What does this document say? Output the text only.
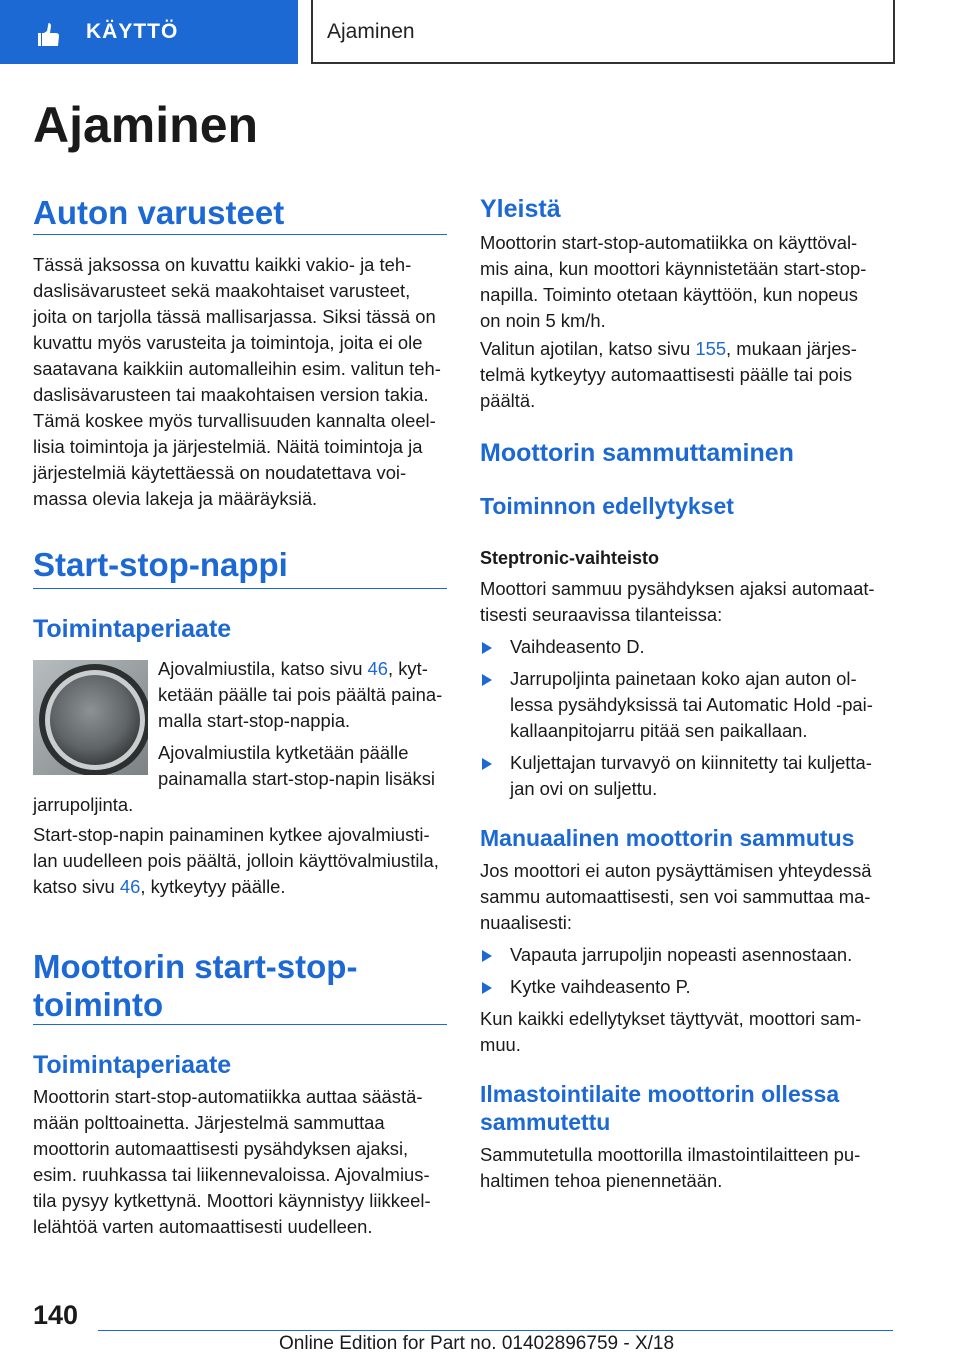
KÄYTTÖ	Ajaminen
Ajaminen
Auton varusteet
Tässä jaksossa on kuvattu kaikki vakio- ja teh‐
daslisävarusteet sekä maakohtaiset varusteet,
joita on tarjolla tässä mallisarjassa. Siksi tässä on
kuvattu myös varusteita ja toimintoja, joita ei ole
saatavana kaikkiin automalleihin esim. valitun teh‐
daslisävarusteen tai maakohtaisen version takia.
Tämä koskee myös turvallisuuden kannalta oleel‐
lisia toimintoja ja järjestelmiä. Näitä toimintoja ja
järjestelmiä käytettäessä on noudatettava voi‐
massa olevia lakeja ja määräyksiä.
Start-stop-nappi
Toimintaperiaate
Ajovalmiustila, katso sivu 46, kyt‐
ketään päälle tai pois päältä paina‐
malla start-stop-nappia.
Ajovalmiustila kytketään päälle
painamalla start-stop-napin lisäksi
jarrupoljinta.
Start-stop-napin painaminen kytkee ajovalmiusti‐
lan uudelleen pois päältä, jolloin käyttövalmiustila,
katso sivu 46, kytkeytyy päälle.
Moottorin start-stop-
toiminto
Toimintaperiaate
Moottorin start-stop-automatiikka auttaa säästä‐
mään polttoainetta. Järjestelmä sammuttaa
moottorin automaattisesti pysähdyksen ajaksi,
esim. ruuhkassa tai liikennevaloissa. Ajovalmius‐
tila pysyy kytkettynä. Moottori käynnistyy liikkeel‐
lelähtöä varten automaattisesti uudelleen.
Yleistä
Moottorin start-stop-automatiikka on käyttöval‐
mis aina, kun moottori käynnistetään start-stop-
napilla. Toiminto otetaan käyttöön, kun nopeus
on noin 5 km/h.
Valitun ajotilan, katso sivu 155, mukaan järjes‐
telmä kytkeytyy automaattisesti päälle tai pois
päältä.
Moottorin sammuttaminen
Toiminnon edellytykset
Steptronic-vaihteisto
Moottori sammuu pysähdyksen ajaksi automaat‐
tisesti seuraavissa tilanteissa:
Vaihdeasento D.
Jarrupoljinta painetaan koko ajan auton ol‐
lessa pysähdyksissä tai Automatic Hold -pai‐
kallaanpitojarru pitää sen paikallaan.
Kuljettajan turvavyö on kiinnitetty tai kuljetta‐
jan ovi on suljettu.
Manuaalinen moottorin sammutus
Jos moottori ei auton pysäyttämisen yhteydessä
sammu automaattisesti, sen voi sammuttaa ma‐
nuaalisesti:
Vapauta jarrupoljin nopeasti asennostaan.
Kytke vaihdeasento P.
Kun kaikki edellytykset täyttyvät, moottori sam‐
muu.
Ilmastointilaite moottorin ollessa
sammutettu
Sammutetulla moottorilla ilmastointilaitteen pu‐
haltimen tehoa pienennetään.
140
Online Edition for Part no. 01402896759 - X/18
